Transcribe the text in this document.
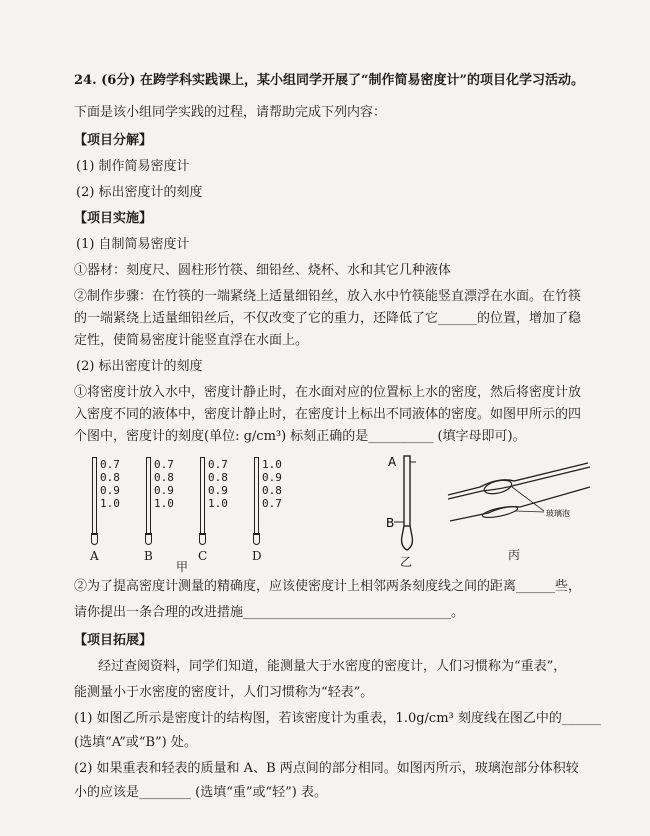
24. (6分) 在跨学科实践课上，某小组同学开展了“制作简易密度计”的项目化学习活动。
下面是该小组同学实践的过程，请帮助完成下列内容：
【项目分解】
(1) 制作简易密度计
(2) 标出密度计的刻度
【项目实施】
(1) 自制简易密度计
①器材：刻度尺、圆柱形竹筷、细铅丝、烧杯、水和其它几种液体
②制作步骤：在竹筷的一端紧绕上适量细铅丝，放入水中竹筷能竖直漂浮在水面。在竹筷
的一端紧绕上适量细铅丝后，不仅改变了它的重力，还降低了它______的位置，增加了稳
定性，使简易密度计能竖直浮在水面上。
(2) 标出密度计的刻度
①将密度计放入水中，密度计静止时，在水面对应的位置标上水的密度，然后将密度计放
入密度不同的液体中，密度计静止时，在密度计上标出不同液体的密度。如图甲所示的四
个图中，密度计的刻度(单位: g/cm³) 标刻正确的是__________ (填字母即可)。
0.7
0.8
0.9
1.0
A
0.7
0.8
0.9
1.0
B
0.7
0.8
0.9
1.0
C
1.0
0.9
0.8
0.7
D
甲
A
B
乙
玻璃泡
丙
②为了提高密度计测量的精确度，应该使密度计上相邻两条刻度线之间的距离______些，
请你提出一条合理的改进措施________________________________。
【项目拓展】
经过查阅资料，同学们知道，能测量大于水密度的密度计，人们习惯称为“重表”，
能测量小于水密度的密度计，人们习惯称为“轻表”。
(1) 如图乙所示是密度计的结构图，若该密度计为重表，1.0g/cm³ 刻度线在图乙中的______
(选填“A”或“B”) 处。
(2) 如果重表和轻表的质量和 A、B 两点间的部分相同。如图丙所示，玻璃泡部分体积较
小的应该是________ (选填“重”或“轻”) 表。
